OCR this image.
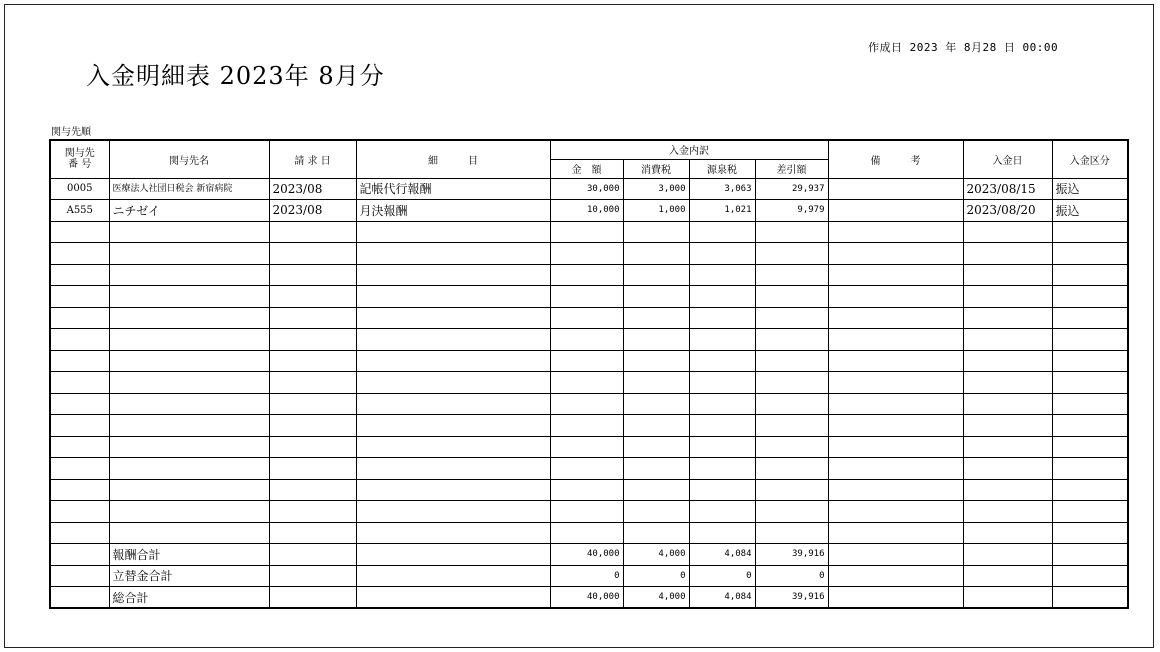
入金明細表 2023年 8月分
作成日 2023 年 8月28 日 00:00
関与先順
関与先
番 号	関与先名	請 求 日	細　　　目	入金内訳				備　　　考	入金日	入金区分
				金　額	消費税	源泉税	差引額			
0005	医療法人社団日税会 新宿病院	2023/08	記帳代行報酬	30,000	3,000	3,063	29,937		2023/08/15	振込
A555	ニチゼイ	2023/08	月決報酬	10,000	1,000	1,021	9,979		2023/08/20	振込

	報酬合計			40,000	4,000	4,084	39,916			
	立替金合計			0	0	0	0			
	総合計			40,000	4,000	4,084	39,916			
